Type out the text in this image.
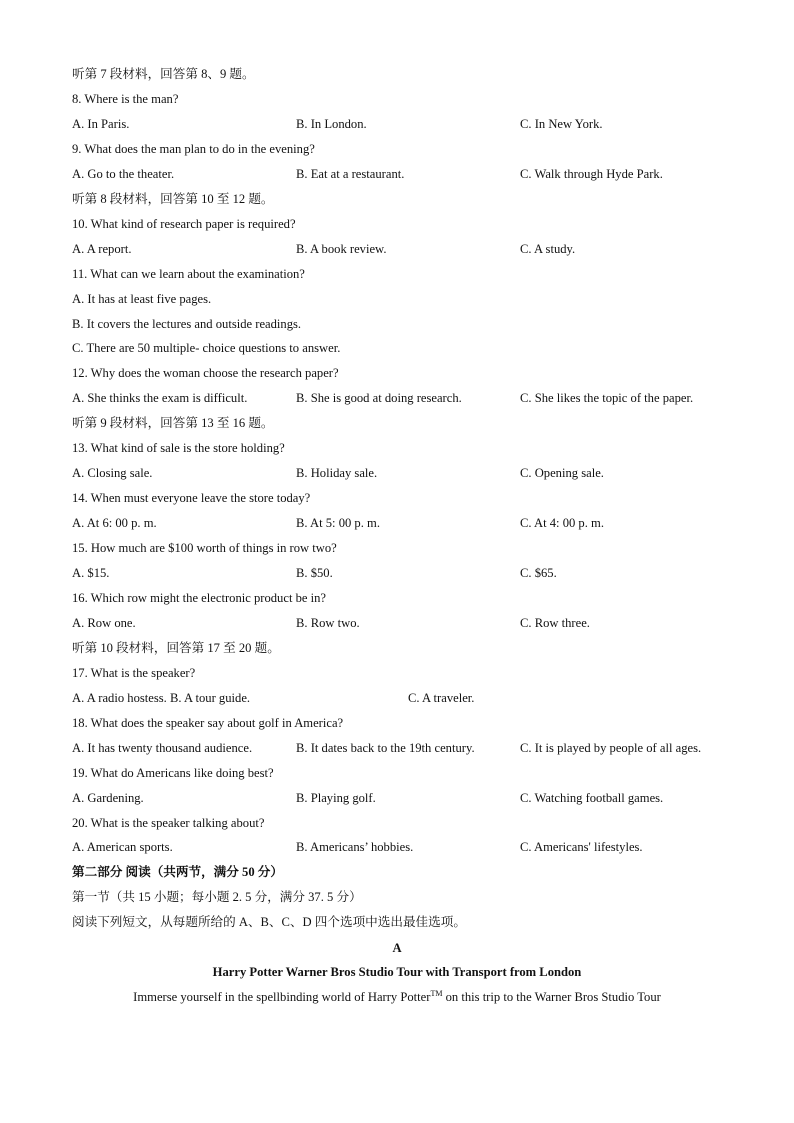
听第 7 段材料，回答第 8、9 题。
8. Where is the man?
A. In Paris.	B. In London.	C. In New York.
9. What does the man plan to do in the evening?
A. Go to the theater.	B. Eat at a restaurant.	C. Walk through Hyde Park.
听第 8 段材料，回答第 10 至 12 题。
10. What kind of research paper is required?
A. A report.	B. A book review.	C. A study.
11. What can we learn about the examination?
A. It has at least five pages.
B. It covers the lectures and outside readings.
C. There are 50 multiple- choice questions to answer.
12. Why does the woman choose the research paper?
A. She thinks the exam is difficult.	B. She is good at doing research.	C. She likes the topic of the paper.
听第 9 段材料，回答第 13 至 16 题。
13. What kind of sale is the store holding?
A. Closing sale.	B. Holiday sale.	C. Opening sale.
14. When must everyone leave the store today?
A. At 6: 00 p. m.	B. At 5: 00 p. m.	C. At 4: 00 p. m.
15. How much are $100 worth of things in row two?
A. $15.	B. $50.	C. $65.
16. Which row might the electronic product be in?
A. Row one.	B. Row two.	C. Row three.
听第 10 段材料，回答第 17 至 20 题。
17. What is the speaker?
A. A radio hostess. B. A tour guide.	C. A traveler.
18. What does the speaker say about golf in America?
A. It has twenty thousand audience.	B. It dates back to the 19th century.	C. It is played by people of all ages.
19. What do Americans like doing best?
A. Gardening.	B. Playing golf.	C. Watching football games.
20. What is the speaker talking about?
A. American sports.	B. Americans’ hobbies.	C. Americans' lifestyles.
第二部分 阅读（共两节，满分 50 分）
第一节（共 15 小题；每小题 2. 5 分，满分 37. 5 分）
阅读下列短文，从每题所给的 A、B、C、D 四个选项中选出最佳选项。
A
Harry Potter Warner Bros Studio Tour with Transport from London
Immerse yourself in the spellbinding world of Harry Potter™ on this trip to the Warner Bros Studio Tour
